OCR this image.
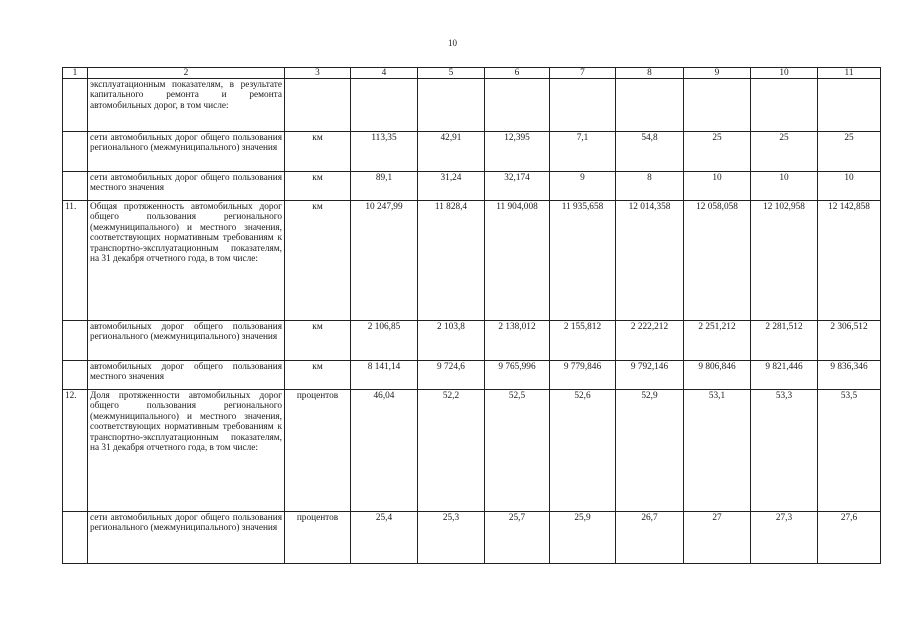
10
1	2	3	4	5	6	7	8	9	10	11
	эксплуатационным показателям, в результате капитального ремонта и ремонта автомобильных дорог, в том числе:									
	сети автомобильных дорог общего пользования регионального (межмуниципального) значения	км	113,35	42,91	12,395	7,1	54,8	25	25	25
	сети автомобильных дорог общего пользования местного значения	км	89,1	31,24	32,174	9	8	10	10	10
11.	Общая протяженность автомобильных дорог общего пользования регионального (межмуниципального) и местного значения, соответствующих нормативным требованиям к транспортно-эксплуатационным показателям, на 31 декабря отчетного года, в том числе:	км	10 247,99	11 828,4	11 904,008	11 935,658	12 014,358	12 058,058	12 102,958	12 142,858
	автомобильных дорог общего пользования регионального (межмуниципального) значения	км	2 106,85	2 103,8	2 138,012	2 155,812	2 222,212	2 251,212	2 281,512	2 306,512
	автомобильных дорог общего пользования местного значения	км	8 141,14	9 724,6	9 765,996	9 779,846	9 792,146	9 806,846	9 821,446	9 836,346
12.	Доля протяженности автомобильных дорог общего пользования регионального (межмуниципального) и местного значения, соответствующих нормативным требованиям к транспортно-эксплуатационным показателям, на 31 декабря отчетного года, в том числе:	процентов	46,04	52,2	52,5	52,6	52,9	53,1	53,3	53,5
	сети автомобильных дорог общего пользования регионального (межмуниципального) значения	процентов	25,4	25,3	25,7	25,9	26,7	27	27,3	27,6
